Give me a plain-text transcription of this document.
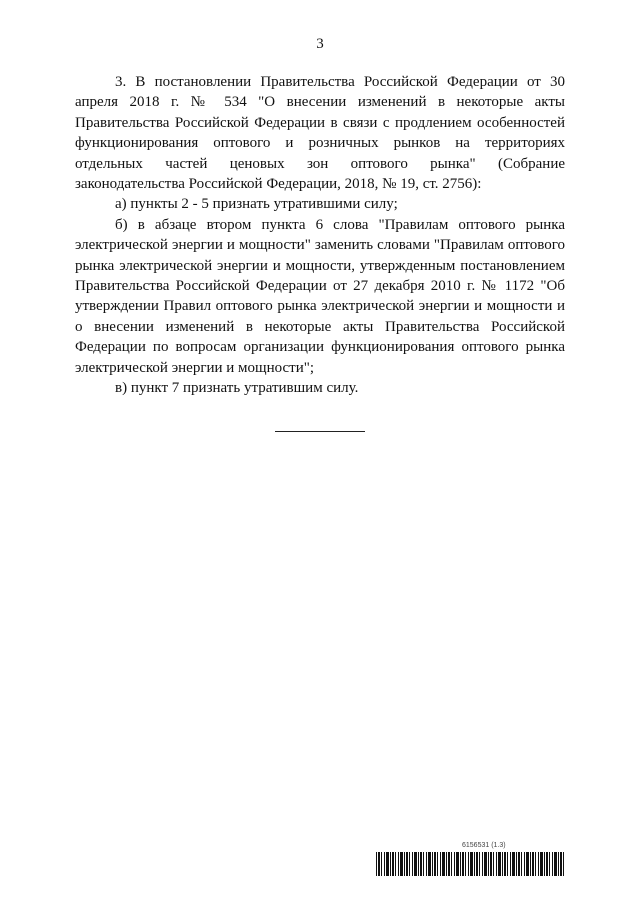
3

3. В постановлении Правительства Российской Федерации от 30 апреля 2018 г. № 534 "О внесении изменений в некоторые акты Правительства Российской Федерации в связи с продлением особенностей функционирования оптового и розничных рынков на территориях отдельных частей ценовых зон оптового рынка" (Собрание законодательства Российской Федерации, 2018, № 19, ст. 2756):

а) пункты 2 - 5 признать утратившими силу;

б) в абзаце втором пункта 6 слова "Правилам оптового рынка электрической энергии и мощности" заменить словами "Правилам оптового рынка электрической энергии и мощности, утвержденным постановлением Правительства Российской Федерации от 27 декабря 2010 г. № 1172 "Об утверждении Правил оптового рынка электрической энергии и мощности и о внесении изменений в некоторые акты Правительства Российской Федерации по вопросам организации функционирования оптового рынка электрической энергии и мощности";

в) пункт 7 признать утратившим силу.

6156531 (1.3)
